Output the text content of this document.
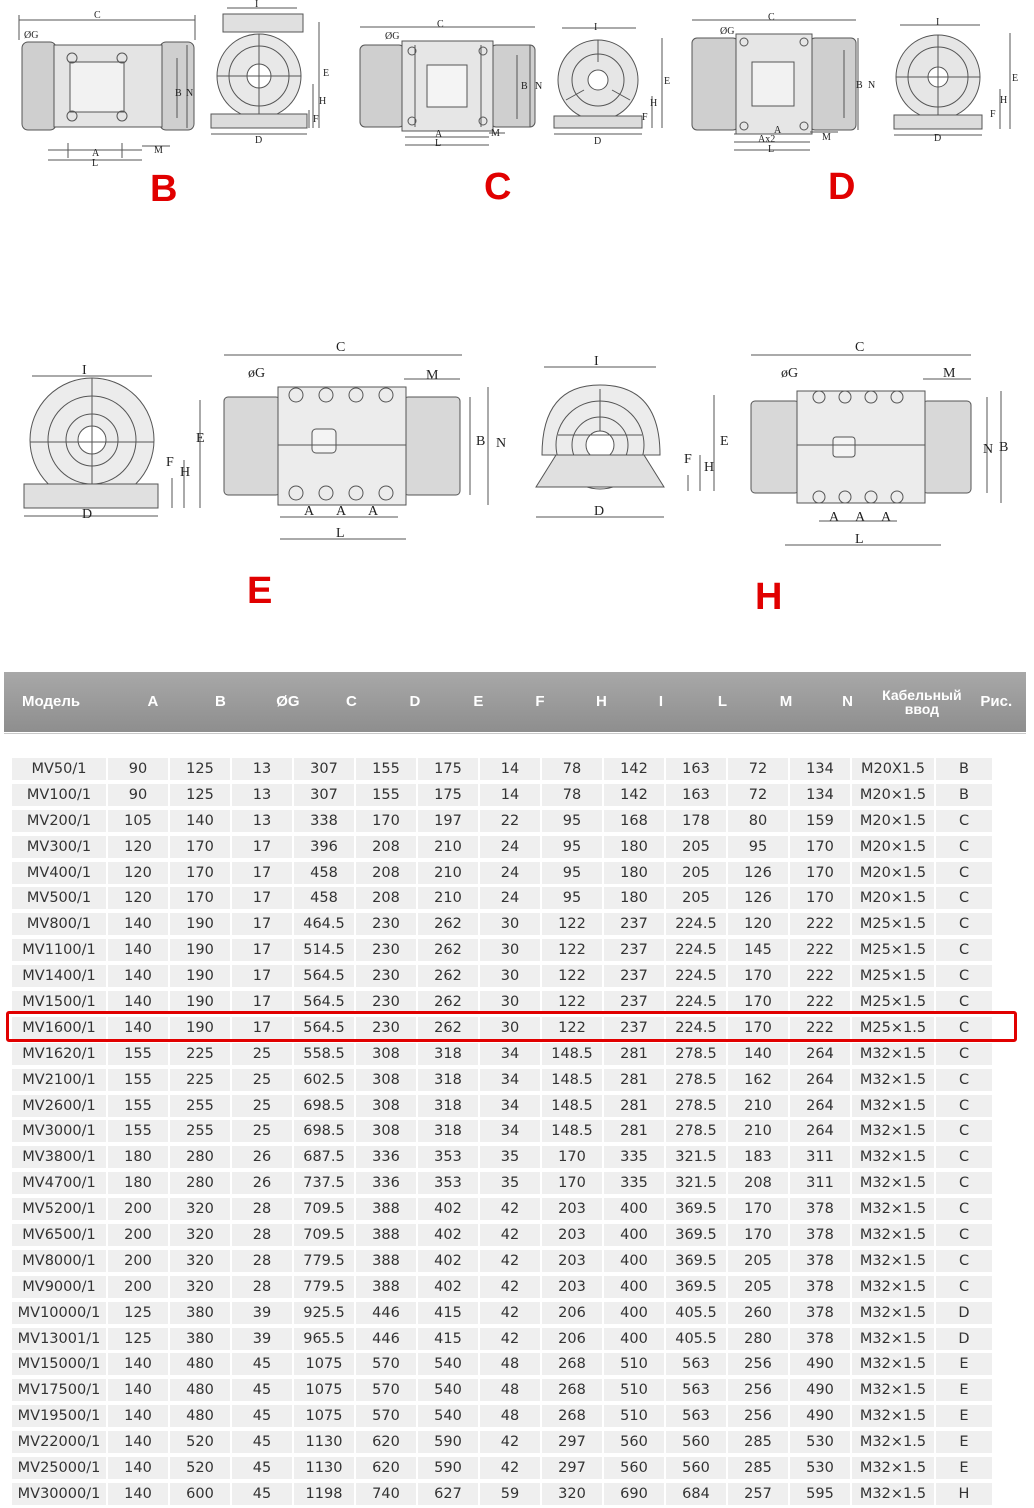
C
ØG
B N
A
L
M
I
E
H
F
D
B
C
ØG
B N
A
L
M
I
E
H
F
D
C
C
ØG
B N
A
Ax2
L
M
I
E
H
F
D
D
I
E
F
H
D
C
øG	M
B N
A A A
L
E
I
E
F
H
D
C
øG	M
N B
A A A
L
H
Модель	A	B	ØG	C	D	E	F	H	I	L	M	N	Кабельный ввод	Рис.
MV50/1	90	125	13	307	155	175	14	78	142	163	72	134	M20X1.5	B
MV100/1	90	125	13	307	155	175	14	78	142	163	72	134	M20×1.5	B
MV200/1	105	140	13	338	170	197	22	95	168	178	80	159	M20×1.5	C
MV300/1	120	170	17	396	208	210	24	95	180	205	95	170	M20×1.5	C
MV400/1	120	170	17	458	208	210	24	95	180	205	126	170	M20×1.5	C
MV500/1	120	170	17	458	208	210	24	95	180	205	126	170	M20×1.5	C
MV800/1	140	190	17	464.5	230	262	30	122	237	224.5	120	222	M25×1.5	C
MV1100/1	140	190	17	514.5	230	262	30	122	237	224.5	145	222	M25×1.5	C
MV1400/1	140	190	17	564.5	230	262	30	122	237	224.5	170	222	M25×1.5	C
MV1500/1	140	190	17	564.5	230	262	30	122	237	224.5	170	222	M25×1.5	C
MV1600/1	140	190	17	564.5	230	262	30	122	237	224.5	170	222	M25×1.5	C
MV1620/1	155	225	25	558.5	308	318	34	148.5	281	278.5	140	264	M32×1.5	C
MV2100/1	155	225	25	602.5	308	318	34	148.5	281	278.5	162	264	M32×1.5	C
MV2600/1	155	255	25	698.5	308	318	34	148.5	281	278.5	210	264	M32×1.5	C
MV3000/1	155	255	25	698.5	308	318	34	148.5	281	278.5	210	264	M32×1.5	C
MV3800/1	180	280	26	687.5	336	353	35	170	335	321.5	183	311	M32×1.5	C
MV4700/1	180	280	26	737.5	336	353	35	170	335	321.5	208	311	M32×1.5	C
MV5200/1	200	320	28	709.5	388	402	42	203	400	369.5	170	378	M32×1.5	C
MV6500/1	200	320	28	709.5	388	402	42	203	400	369.5	170	378	M32×1.5	C
MV8000/1	200	320	28	779.5	388	402	42	203	400	369.5	205	378	M32×1.5	C
MV9000/1	200	320	28	779.5	388	402	42	203	400	369.5	205	378	M32×1.5	C
MV10000/1	125	380	39	925.5	446	415	42	206	400	405.5	260	378	M32×1.5	D
MV13001/1	125	380	39	965.5	446	415	42	206	400	405.5	280	378	M32×1.5	D
MV15000/1	140	480	45	1075	570	540	48	268	510	563	256	490	M32×1.5	E
MV17500/1	140	480	45	1075	570	540	48	268	510	563	256	490	M32×1.5	E
MV19500/1	140	480	45	1075	570	540	48	268	510	563	256	490	M32×1.5	E
MV22000/1	140	520	45	1130	620	590	42	297	560	560	285	530	M32×1.5	E
MV25000/1	140	520	45	1130	620	590	42	297	560	560	285	530	M32×1.5	E
MV30000/1	140	600	45	1198	740	627	59	320	690	684	257	595	M32×1.5	H
